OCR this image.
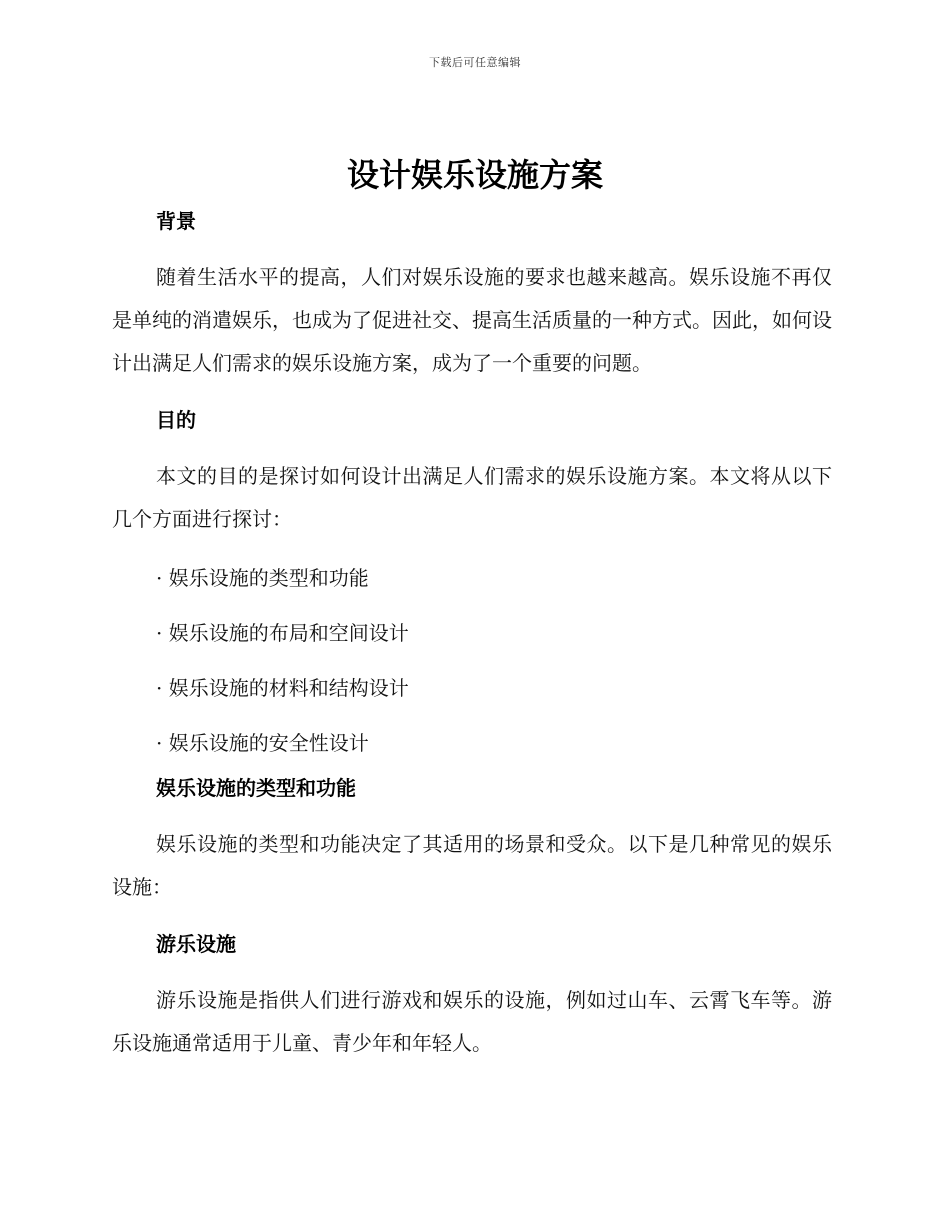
下载后可任意编辑
设计娱乐设施方案
背景

随着生活水平的提高，人们对娱乐设施的要求也越来越高。娱乐设施不再仅是单纯的消遣娱乐，也成为了促进社交、提高生活质量的一种方式。因此，如何设计出满足人们需求的娱乐设施方案，成为了一个重要的问题。

目的

本文的目的是探讨如何设计出满足人们需求的娱乐设施方案。本文将从以下几个方面进行探讨：

· 娱乐设施的类型和功能
· 娱乐设施的布局和空间设计
· 娱乐设施的材料和结构设计
· 娱乐设施的安全性设计
娱乐设施的类型和功能

娱乐设施的类型和功能决定了其适用的场景和受众。以下是几种常见的娱乐设施：

游乐设施

游乐设施是指供人们进行游戏和娱乐的设施，例如过山车、云霄飞车等。游乐设施通常适用于儿童、青少年和年轻人。
